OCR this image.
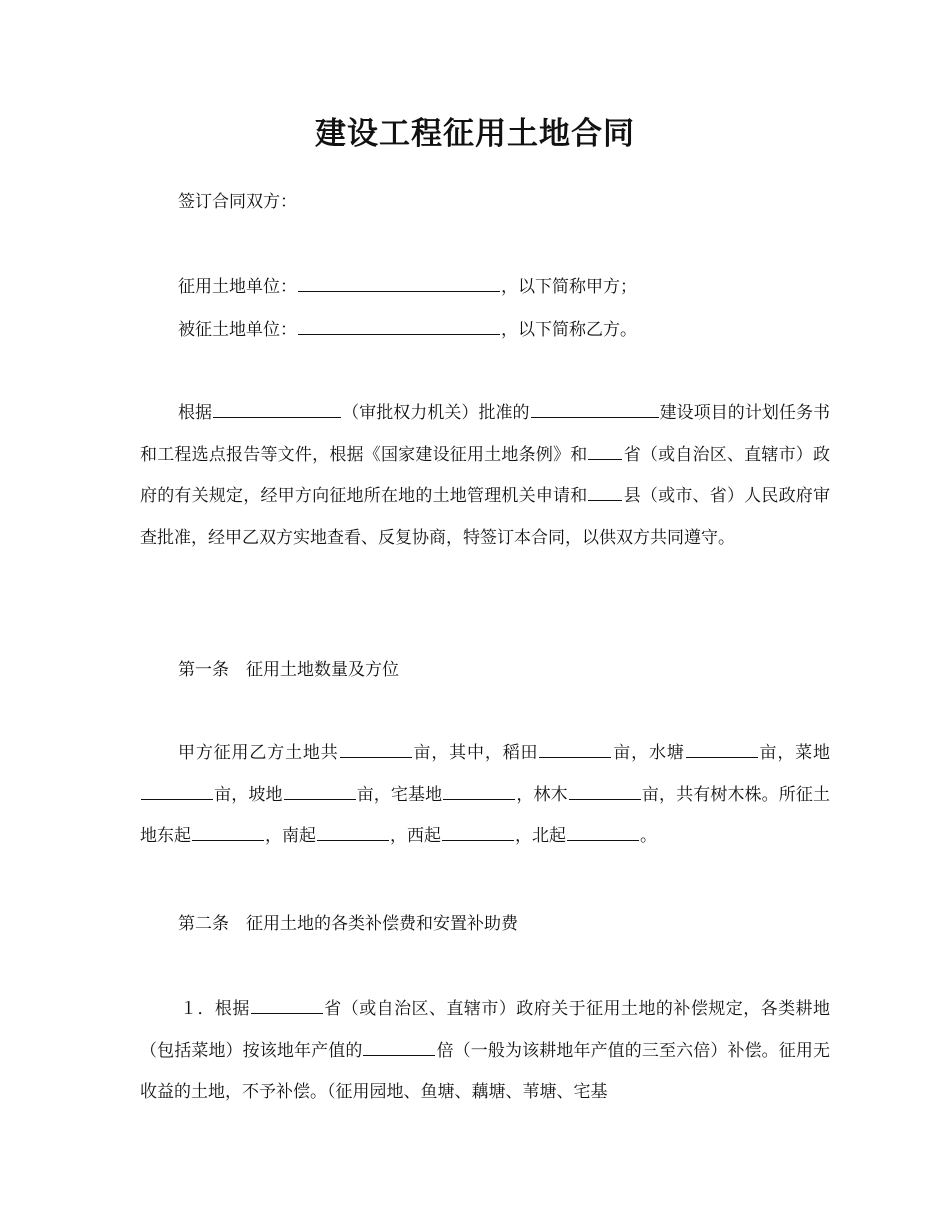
建设工程征用土地合同
签订合同双方：
征用土地单位：	，以下简称甲方；
被征土地单位：	，以下简称乙方。
根据	（审批权力机关）批准的	建设项目的计划任务书和工程选点报告等文件，根据《国家建设征用土地条例》和 省（或自治区、直辖市）政府的有关规定，经甲方向征地所在地的土地管理机关申请和 县（或市、省）人民政府审查批准，经甲乙双方实地查看、反复协商，特签订本合同，以供双方共同遵守。
第一条　征用土地数量及方位
甲方征用乙方土地共	亩，其中，稻田	亩，水塘	亩，菜地亩，坡地	亩，宅基地	，林木	亩，共有树木株。所征土地东起	，南起	，西起	，北起	。
第二条　征用土地的各类补偿费和安置补助费
１．根据	省（或自治区、直辖市）政府关于征用土地的补偿规定，各类耕地（包括菜地）按该地年产值的	倍（一般为该耕地年产值的三至六倍）补偿。征用无收益的土地，不予补偿。（征用园地、鱼塘、藕塘、苇塘、宅基
